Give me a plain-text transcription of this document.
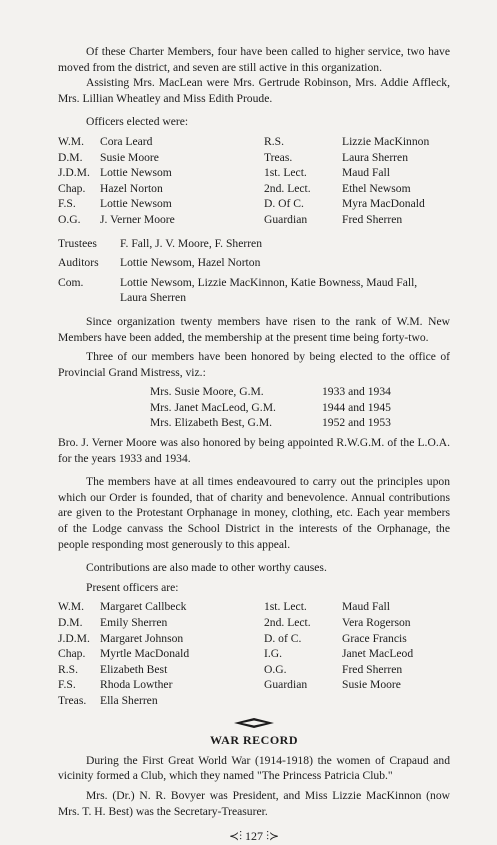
Of these Charter Members, four have been called to higher service, two have moved from the district, and seven are still active in this organization.

Assisting Mrs. MacLean were Mrs. Gertrude Robinson, Mrs. Addie Affleck, Mrs. Lillian Wheatley and Miss Edith Proude.

Officers elected were:

W.M. Cora Leard	R.S.	Lizzie MacKinnon
D.M. Susie Moore	Treas.	Laura Sherren
J.D.M. Lottie Newsom	1st. Lect.	Maud Fall
Chap. Hazel Norton	2nd. Lect.	Ethel Newsom
F.S. Lottie Newsom	D. Of C.	Myra MacDonald
O.G. J. Verner Moore	Guardian	Fred Sherren
Trustees	F. Fall, J. V. Moore, F. Sherren
Auditors	Lottie Newsom, Hazel Norton
Com.	Lottie Newsom, Lizzie MacKinnon, Katie Bowness, Maud Fall,
Laura Sherren

Since organization twenty members have risen to the rank of W.M. New Members have been added, the membership at the present time being forty-two.

Three of our members have been honored by being elected to the office of Provincial Grand Mistress, viz.:

Mrs. Susie Moore, G.M.	1933 and 1934
Mrs. Janet MacLeod, G.M.	1944 and 1945
Mrs. Elizabeth Best, G.M.	1952 and 1953

Bro. J. Verner Moore was also honored by being appointed R.W.G.M. of the L.O.A. for the years 1933 and 1934.

The members have at all times endeavoured to carry out the principles upon which our Order is founded, that of charity and benevolence. Annual contributions are given to the Protestant Orphanage in money, clothing, etc. Each year members of the Lodge canvass the School District in the interests of the Orphanage, the people responding most generously to this appeal.

Contributions are also made to other worthy causes.

Present officers are:

W.M. Margaret Callbeck	1st. Lect.	Maud Fall
D.M. Emily Sherren	2nd. Lect.	Vera Rogerson
J.D.M. Margaret Johnson	D. of C.	Grace Francis
Chap. Myrtle MacDonald	I.G.	Janet MacLeod
R.S. Elizabeth Best	O.G.	Fred Sherren
F.S. Rhoda Lowther	Guardian	Susie Moore
Treas. Ella Sherren
WAR RECORD

During the First Great World War (1914-1918) the women of Crapaud and vicinity formed a Club, which they named "The Princess Patricia Club."

Mrs. (Dr.) N. R. Bovyer was President, and Miss Lizzie MacKinnon (now Mrs. T. H. Best) was the Secretary-Treasurer.

≺⫶ 127 ⫶≻
